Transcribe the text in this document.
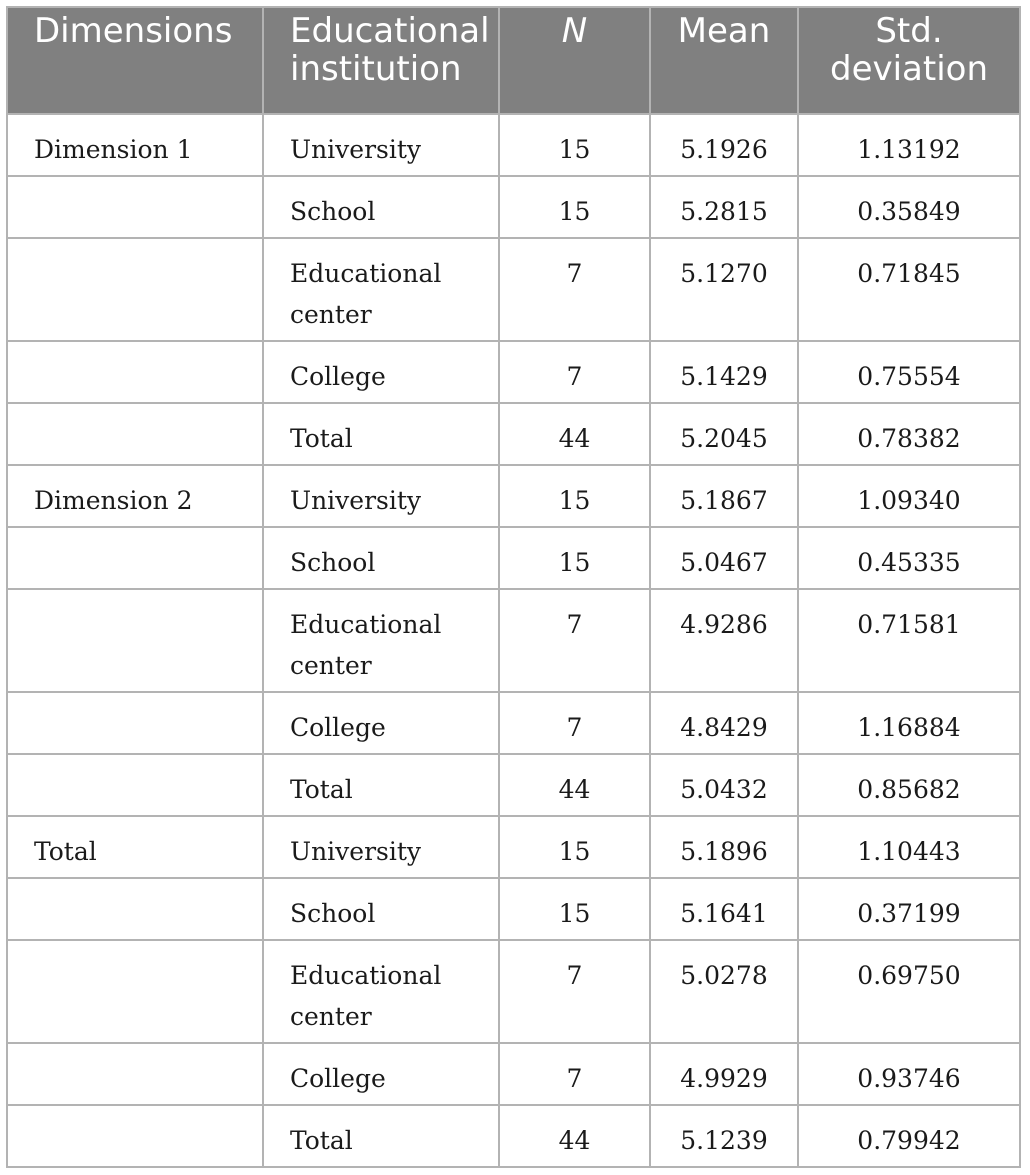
Dimensions	Educational institution	N	Mean	Std. deviation
Dimension 1	University	15	5.1926	1.13192
	School	15	5.2815	0.35849
	Educational center	7	5.1270	0.71845
	College	7	5.1429	0.75554
	Total	44	5.2045	0.78382
Dimension 2	University	15	5.1867	1.09340
	School	15	5.0467	0.45335
	Educational center	7	4.9286	0.71581
	College	7	4.8429	1.16884
	Total	44	5.0432	0.85682
Total	University	15	5.1896	1.10443
	School	15	5.1641	0.37199
	Educational center	7	5.0278	0.69750
	College	7	4.9929	0.93746
	Total	44	5.1239	0.79942
